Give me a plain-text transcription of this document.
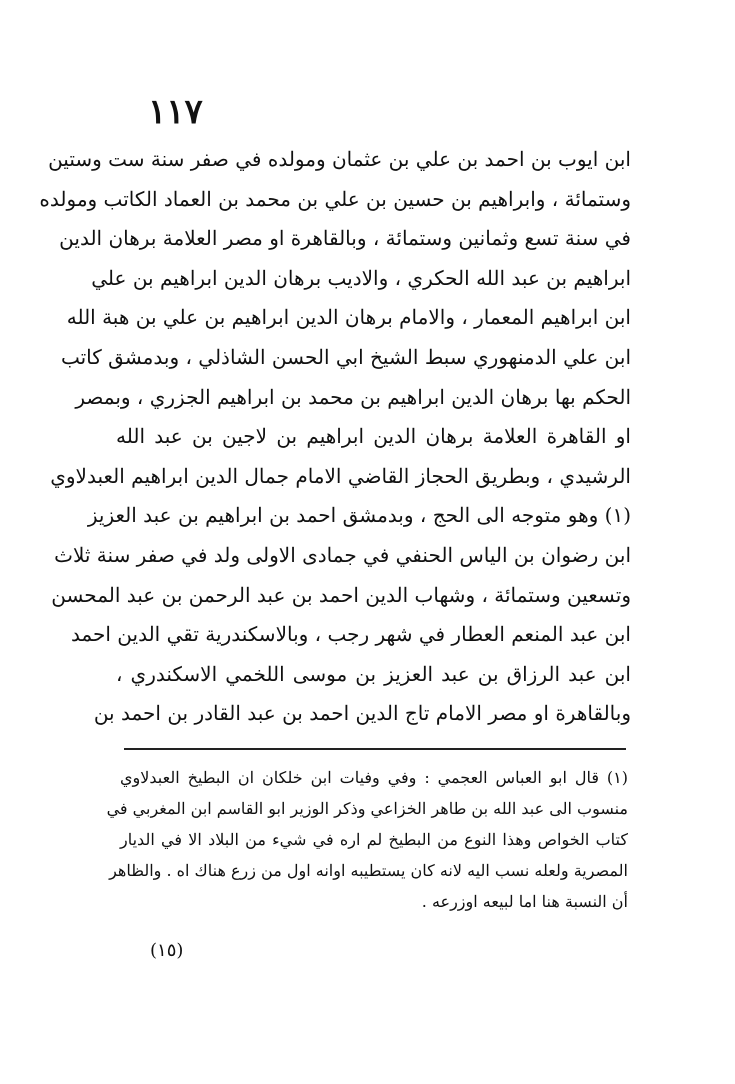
١١٧
ابن ايوب بن احمد بن علي بن عثمان ومولده في صفر سنة ست وستين
وستمائة ، وابراهيم بن حسين بن علي بن محمد بن العماد الكاتب ومولده
في سنة تسع وثمانين وستمائة ، وبالقاهرة او مصر العلامة برهان الدين
ابراهيم بن عبد الله الحكري ، والاديب برهان الدين ابراهيم بن علي
ابن ابراهيم المعمار ، والامام برهان الدين ابراهيم بن علي بن هبة الله
ابن علي الدمنهوري سبط الشيخ ابي الحسن الشاذلي ، وبدمشق كاتب
الحكم بها برهان الدين ابراهيم بن محمد بن ابراهيم الجزري ، وبمصر
او القاهرة العلامة برهان الدين ابراهيم بن لاجين بن عبد الله
الرشيدي ، وبطريق الحجاز القاضي الامام جمال الدين ابراهيم العبدلاوي
(١) وهو متوجه الى الحج ، وبدمشق احمد بن ابراهيم بن عبد العزيز
ابن رضوان بن الياس الحنفي في جمادى الاولى ولد في صفر سنة ثلاث
وتسعين وستمائة ، وشهاب الدين احمد بن عبد الرحمن بن عبد المحسن
ابن عبد المنعم العطار في شهر رجب ، وبالاسكندرية تقي الدين احمد
ابن عبد الرزاق بن عبد العزيز بن موسى اللخمي الاسكندري ،
وبالقاهرة او مصر الامام تاج الدين احمد بن عبد القادر بن احمد بن
(١) قال ابو العباس العجمي : وفي وفيات ابن خلكان ان البطيخ العبدلاوي
منسوب الى عبد الله بن طاهر الخزاعي وذكر الوزير ابو القاسم ابن المغربي في
كتاب الخواص وهذا النوع من البطيخ لم اره في شيء من البلاد الا في الديار
المصرية ولعله نسب اليه لانه كان يستطيبه اوانه اول من زرع هناك اه . والظاهر
أن النسبة هنا اما لبيعه اوزرعه .
(١٥)
